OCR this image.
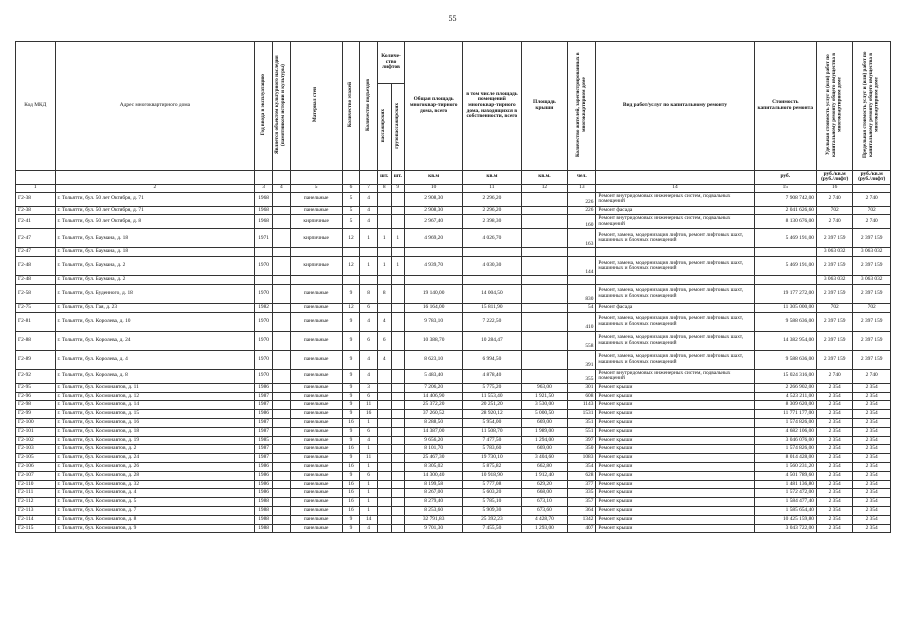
55
Код МКД	Адрес многоквартирного дома	Год ввода в эксплуатацию	Является объектом культурного наследия (памятником истории и культуры)	Материал стен	Количество этажей	Количество подъездов	Количе-ство лифтов		Общая площадь многоквар-тирного дома, всего	в том числе площадь помещений многоквар-тирного дома, находящихся в собственности, всего	Площадь крыши	Количество жителей, зарегистрированных в многоквартирном доме	Вид работ/услуг по капитальному ремонту	Стоимость капитального ремонта	Удельная стоимость услуг и (или) работ по капитальному ремонту общего имущества в многоквартирном доме	Предельная стоимость услуг и (или) работ по капитальному ремонту общего имущества в многоквартирном доме
							пассажирских	грузопассажирских								
							шт.	шт.	кв.м	кв.м	кв.м.	чел.		руб.	руб./кв.м (руб./лифт)	руб./кв.м (руб./лифт)
1	2	3	4	5	6	7	8	9	10	11	12	13	14	15	16	
Г2-38	г. Тольятти, бул. 50 лет Октября, д. 71	1968		панельные	5	4			2 908,30	2 296,20		226	Ремонт внутридомовых инженерных систем, подвальных помещений	7 908 742,00	2 740	2 740
Г2-38	г. Тольятти, бул. 50 лет Октября, д. 71	1968		панельные	5	4			2 908,30	2 296,20		226	Ремонт фасада	2 041 626,60	702	702
Г2-41	г. Тольятти, бул. 50 лет Октября, д. 8	1968		кирпичные	5	4			2 967,40	2 398,30		160	Ремонт внутридомовых инженерных систем, подвальных помещений	8 130 676,00	2 740	2 740
Г2-47	г. Тольятти, бул. Баумана, д. 18	1971		кирпичные	12	1	1	1	4 969,20	4 026,70		163	Ремонт, замена, модернизация лифтов, ремонт лифтовых шахт, машинных и блочных помещений	5 469 191,00	2 397 159	2 397 159
Г2-47	г. Тольятти, бул. Баумана, д. 18														3 063 032	3 063 032
Г2-48	г. Тольятти, бул. Баумана, д. 2	1970		кирпичные	12	1	1	1	4 939,70	4 030,30		144	Ремонт, замена, модернизация лифтов, ремонт лифтовых шахт, машинных и блочных помещений	5 469 191,00	2 397 159	2 397 159
Г2-48	г. Тольятти, бул. Баумана, д. 2														3 063 032	3 063 032
Г2-58	г. Тольятти, бул. Буденного, д. 18	1970		панельные	9	8	8		19 140,00	14 004,50		830	Ремонт, замена, модернизация лифтов, ремонт лифтовых шахт, машинных и блочных помещений	19 177 272,00	2 397 159	2 397 159
Г2-75	г. Тольятти, бул. Гая, д. 23	1982		панельные	12	6			16 164,00	15 811,90		54	Ремонт фасада	11 305 000,00	702	702
Г2-81	г. Тольятти, бул. Королева, д. 10	1970		панельные	9	4	4		9 783,10	7 222,50		410	Ремонт, замена, модернизация лифтов, ремонт лифтовых шахт, машинных и блочных помещений	9 588 636,00	2 397 159	2 397 159
Г2-88	г. Тольятти, бул. Королева, д. 24	1970		панельные	9	6	6		10 388,70	10 284,47		558	Ремонт, замена, модернизация лифтов, ремонт лифтовых шахт, машинных и блочных помещений	14 382 954,00	2 397 159	2 397 159
Г2-89	г. Тольятти, бул. Королева, д. 4	1970		панельные	9	4	4		8 623,10	6 994,50		391	Ремонт, замена, модернизация лифтов, ремонт лифтовых шахт, машинных и блочных помещений	9 588 636,00	2 397 159	2 397 159
Г2-92	г. Тольятти, бул. Королева, д. 8	1970		панельные	9	4			5 483,40	4 878,40		355	Ремонт внутридомовых инженерных систем, подвальных помещений	15 024 316,00	2 740	2 740
Г2-95	г. Тольятти, бул. Космонавтов, д. 11	1986		панельные	9	3			7 206,20	5 775,20	963,00	301	Ремонт крыши	2 266 902,00	2 354	2 354
Г2-96	г. Тольятти, бул. Космонавтов, д. 12	1987		панельные	9	6			14 406,90	11 553,40	1 921,50	608	Ремонт крыши	4 523 211,00	2 354	2 354
Г2-98	г. Тольятти, бул. Космонавтов, д. 14	1987		панельные	9	11			25 372,20	20 251,20	3 530,00	1143	Ремонт крыши	8 309 620,00	2 354	2 354
Г2-99	г. Тольятти, бул. Космонавтов, д. 15	1986		панельные	9	16			37 260,52	28 920,12	5 000,50	1531	Ремонт крыши	11 771 177,00	2 354	2 354
Г2-100	г. Тольятти, бул. Космонавтов, д. 16	1987		панельные	16	1			8 288,50	5 954,00	669,00	351	Ремонт крыши	1 574 826,00	2 354	2 354
Г2-101	г. Тольятти, бул. Космонавтов, д. 18	1987		панельные	9	6			14 387,00	11 508,70	1 989,00	551	Ремонт крыши	4 682 106,00	2 354	2 354
Г2-102	г. Тольятти, бул. Космонавтов, д. 19	1985		панельные	9	4			9 656,20	7 477,50	1 294,00	397	Ремонт крыши	3 046 076,00	2 354	2 354
Г2-103	г. Тольятти, бул. Космонавтов, д. 2	1987		панельные	16	1			8 101,70	5 783,60	669,00	350	Ремонт крыши	1 574 826,00	2 354	2 354
Г2-105	г. Тольятти, бул. Космонавтов, д. 24	1987		панельные	9	11			25 467,30	19 730,10	3 404,60	1083	Ремонт крыши	8 014 428,00	2 354	2 354
Г2-106	г. Тольятти, бул. Космонавтов, д. 26	1986		панельные	16	1			8 305,02	5 875,82	662,80	354	Ремонт крыши	1 560 231,20	2 354	2 354
Г2-107	г. Тольятти, бул. Космонавтов, д. 28	1986		панельные	9	6			14 300,40	10 918,90	1 912,40	628	Ремонт крыши	4 501 789,60	2 354	2 354
Г2-110	г. Тольятти, бул. Космонавтов, д. 32	1986		панельные	16	1			8 199,58	5 777,08	629,20	377	Ремонт крыши	1 481 136,80	2 354	2 354
Г2-111	г. Тольятти, бул. Космонавтов, д. 4	1986		панельные	16	1			8 267,00	5 603,20	668,00	335	Ремонт крыши	1 572 472,00	2 354	2 354
Г2-112	г. Тольятти, бул. Космонавтов, д. 5	1988		панельные	16	1			8 279,40	5 785,10	673,10	357	Ремонт крыши	1 584 477,40	2 354	2 354
Г2-113	г. Тольятти, бул. Космонавтов, д. 7	1988		панельные	16	1			8 253,60	5 909,30	673,60	364	Ремонт крыши	1 585 654,40	2 354	2 354
Г2-114	г. Тольятти, бул. Космонавтов, д. 8	1988		панельные	9	14			32 791,83	25 392,23	4 428,70	1342	Ремонт крыши	10 425 159,80	2 354	2 354
Г2-115	г. Тольятти, бул. Космонавтов, д. 9	1988		панельные	9	4			9 701,30	7 455,50	1 293,00	407	Ремонт крыши	3 043 722,00	2 354	2 354
